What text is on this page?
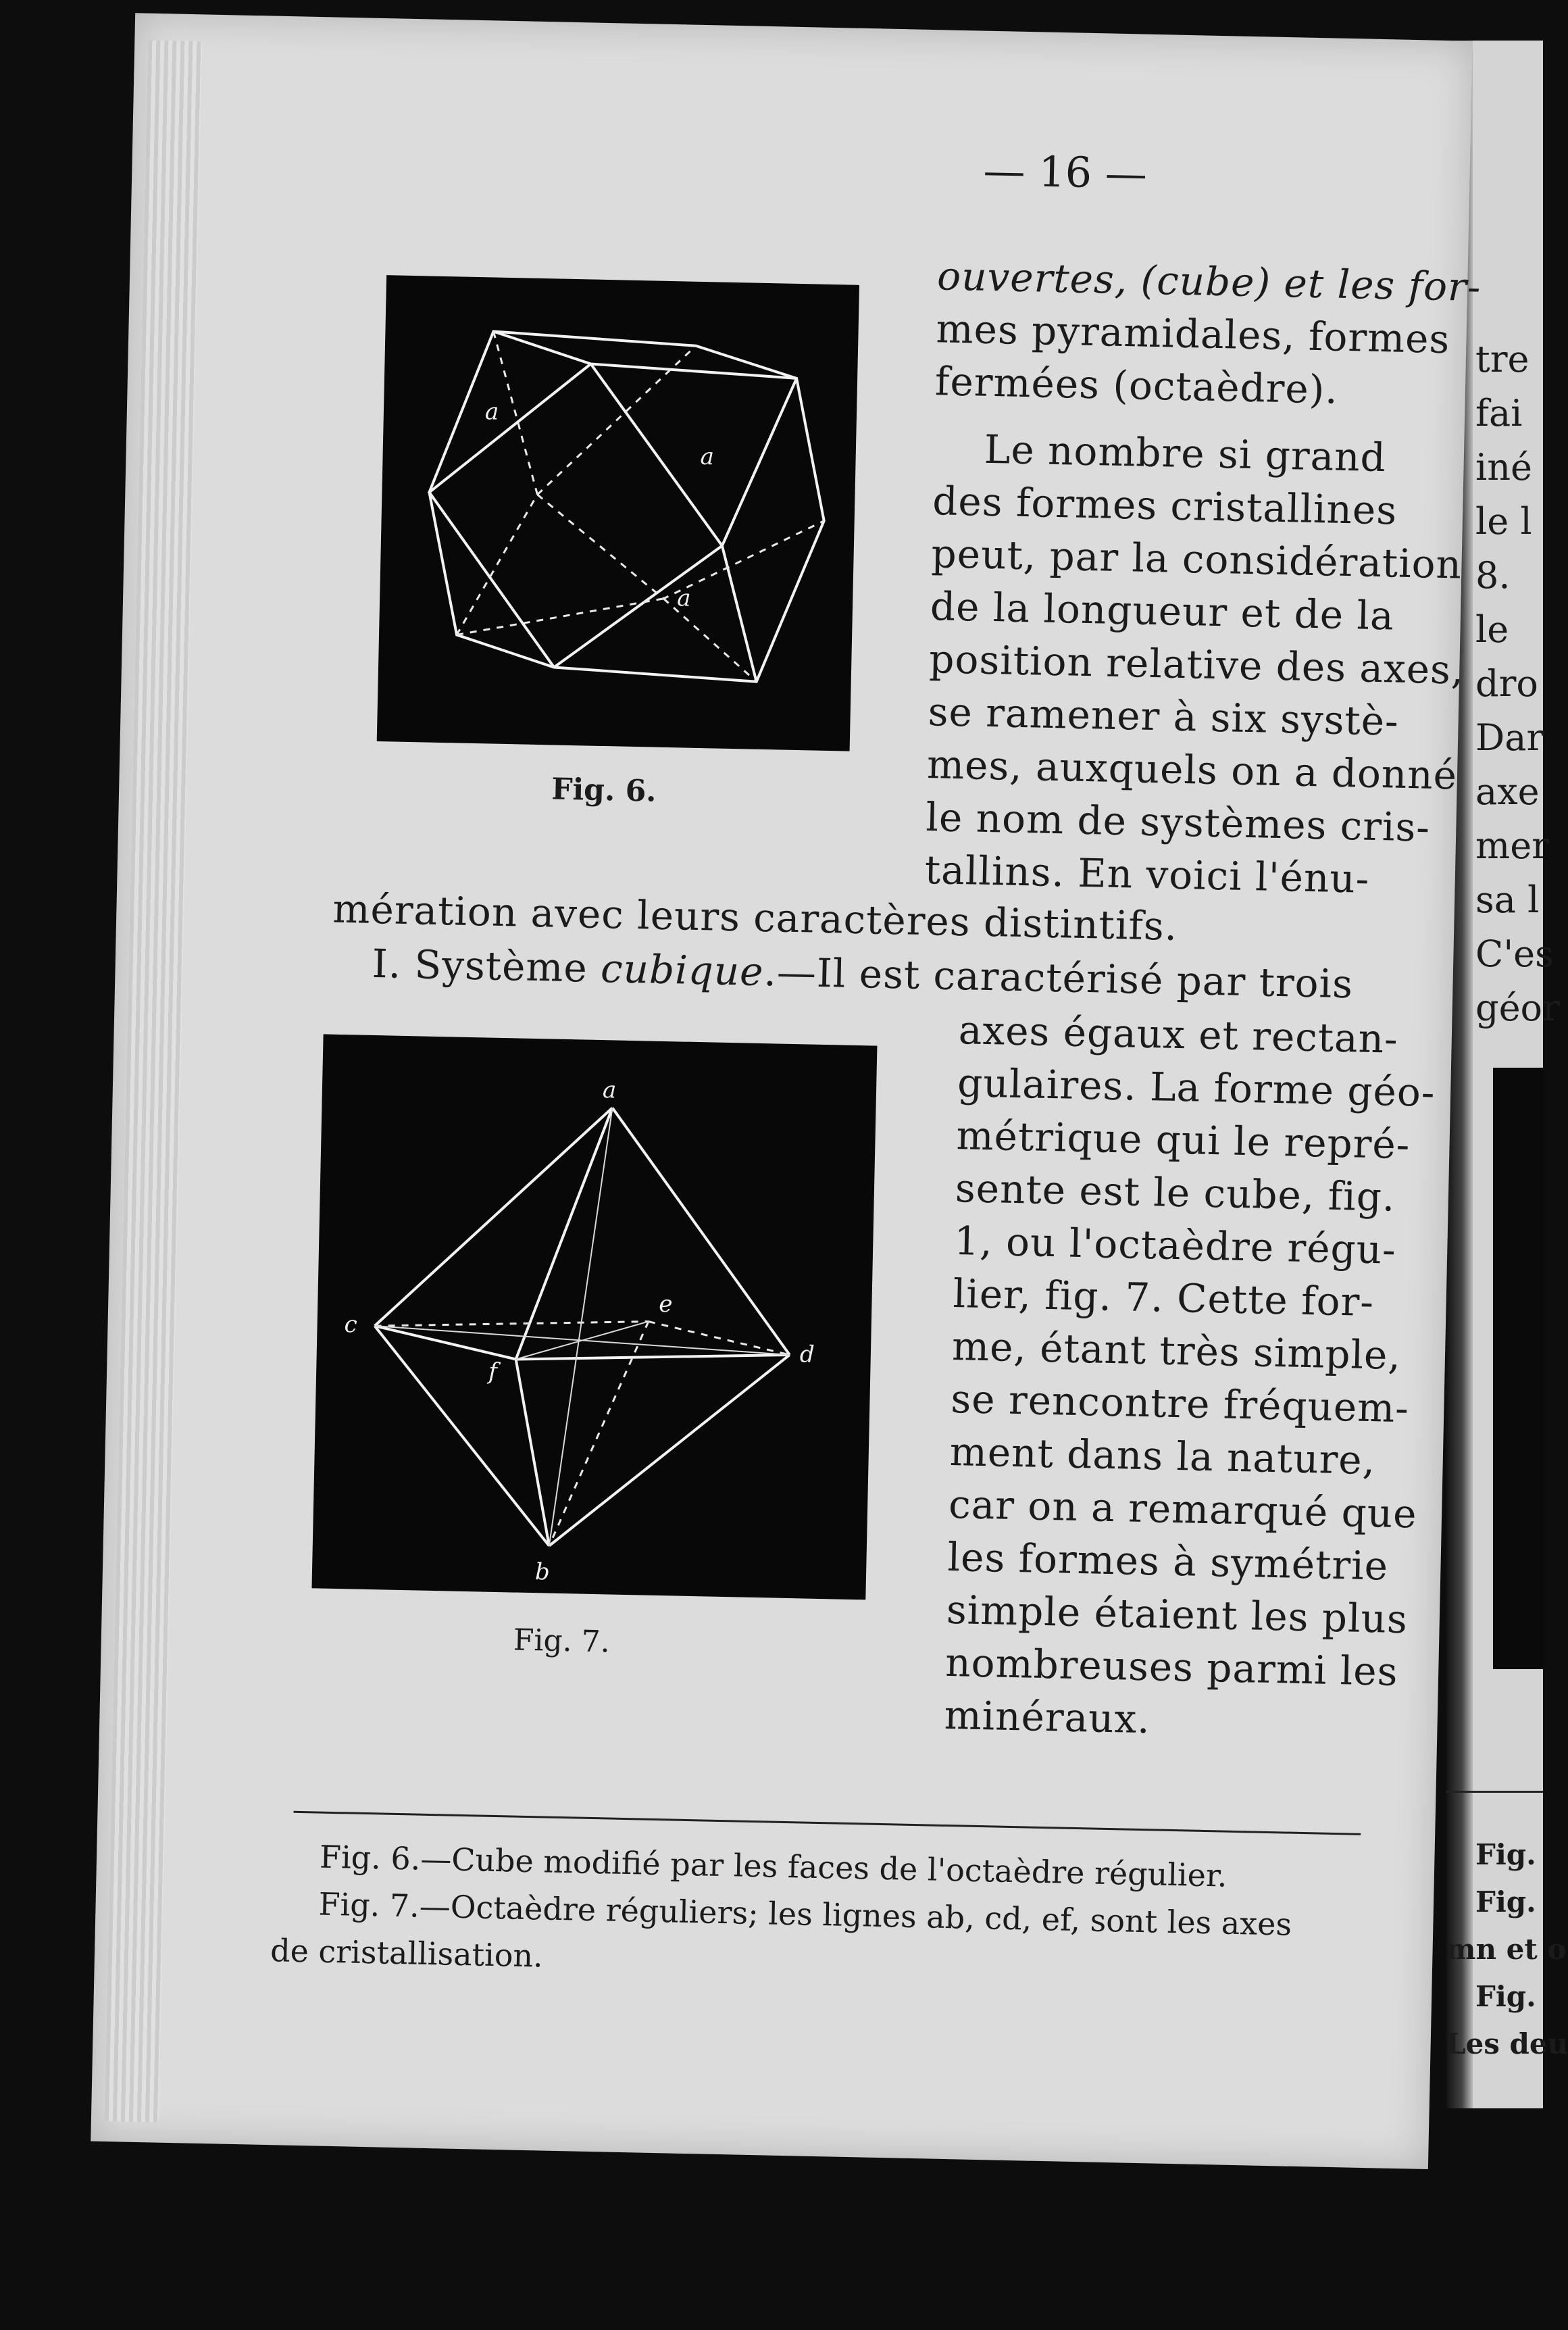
tre
fai
iné
le l
8.
le
dro
Dar
axe
mer
sa l
C'es
géor
Fig.
Fig.
mn et o
Fig.
Les deu
— 16 —
a
a
a
Fig. 6.
ouvertes, (cube) et les for-
mes pyramidales, formes
fermées (octaèdre).
Le nombre si grand
des formes cristallines
peut, par la considération
de la longueur et de la
position relative des axes,
se ramener à six systè-
mes, auxquels on a donné
le nom de systèmes cris-
tallins. En voici l'énu-
mération avec leurs caractères distintifs.
I. Système cubique.—Il est caractérisé par trois
a
b
c
d
e
f
Fig. 7.
axes égaux et rectan-
gulaires. La forme géo-
métrique qui le repré-
sente est le cube, fig.
1, ou l'octaèdre régu-
lier, fig. 7. Cette for-
me, étant très simple,
se rencontre fréquem-
ment dans la nature,
car on a remarqué que
les formes à symétrie
simple étaient les plus
nombreuses parmi les
minéraux.
Fig. 6.—Cube modifié par les faces de l'octaèdre régulier.
Fig. 7.—Octaèdre réguliers; les lignes ab, cd, ef, sont les axes
de cristallisation.
